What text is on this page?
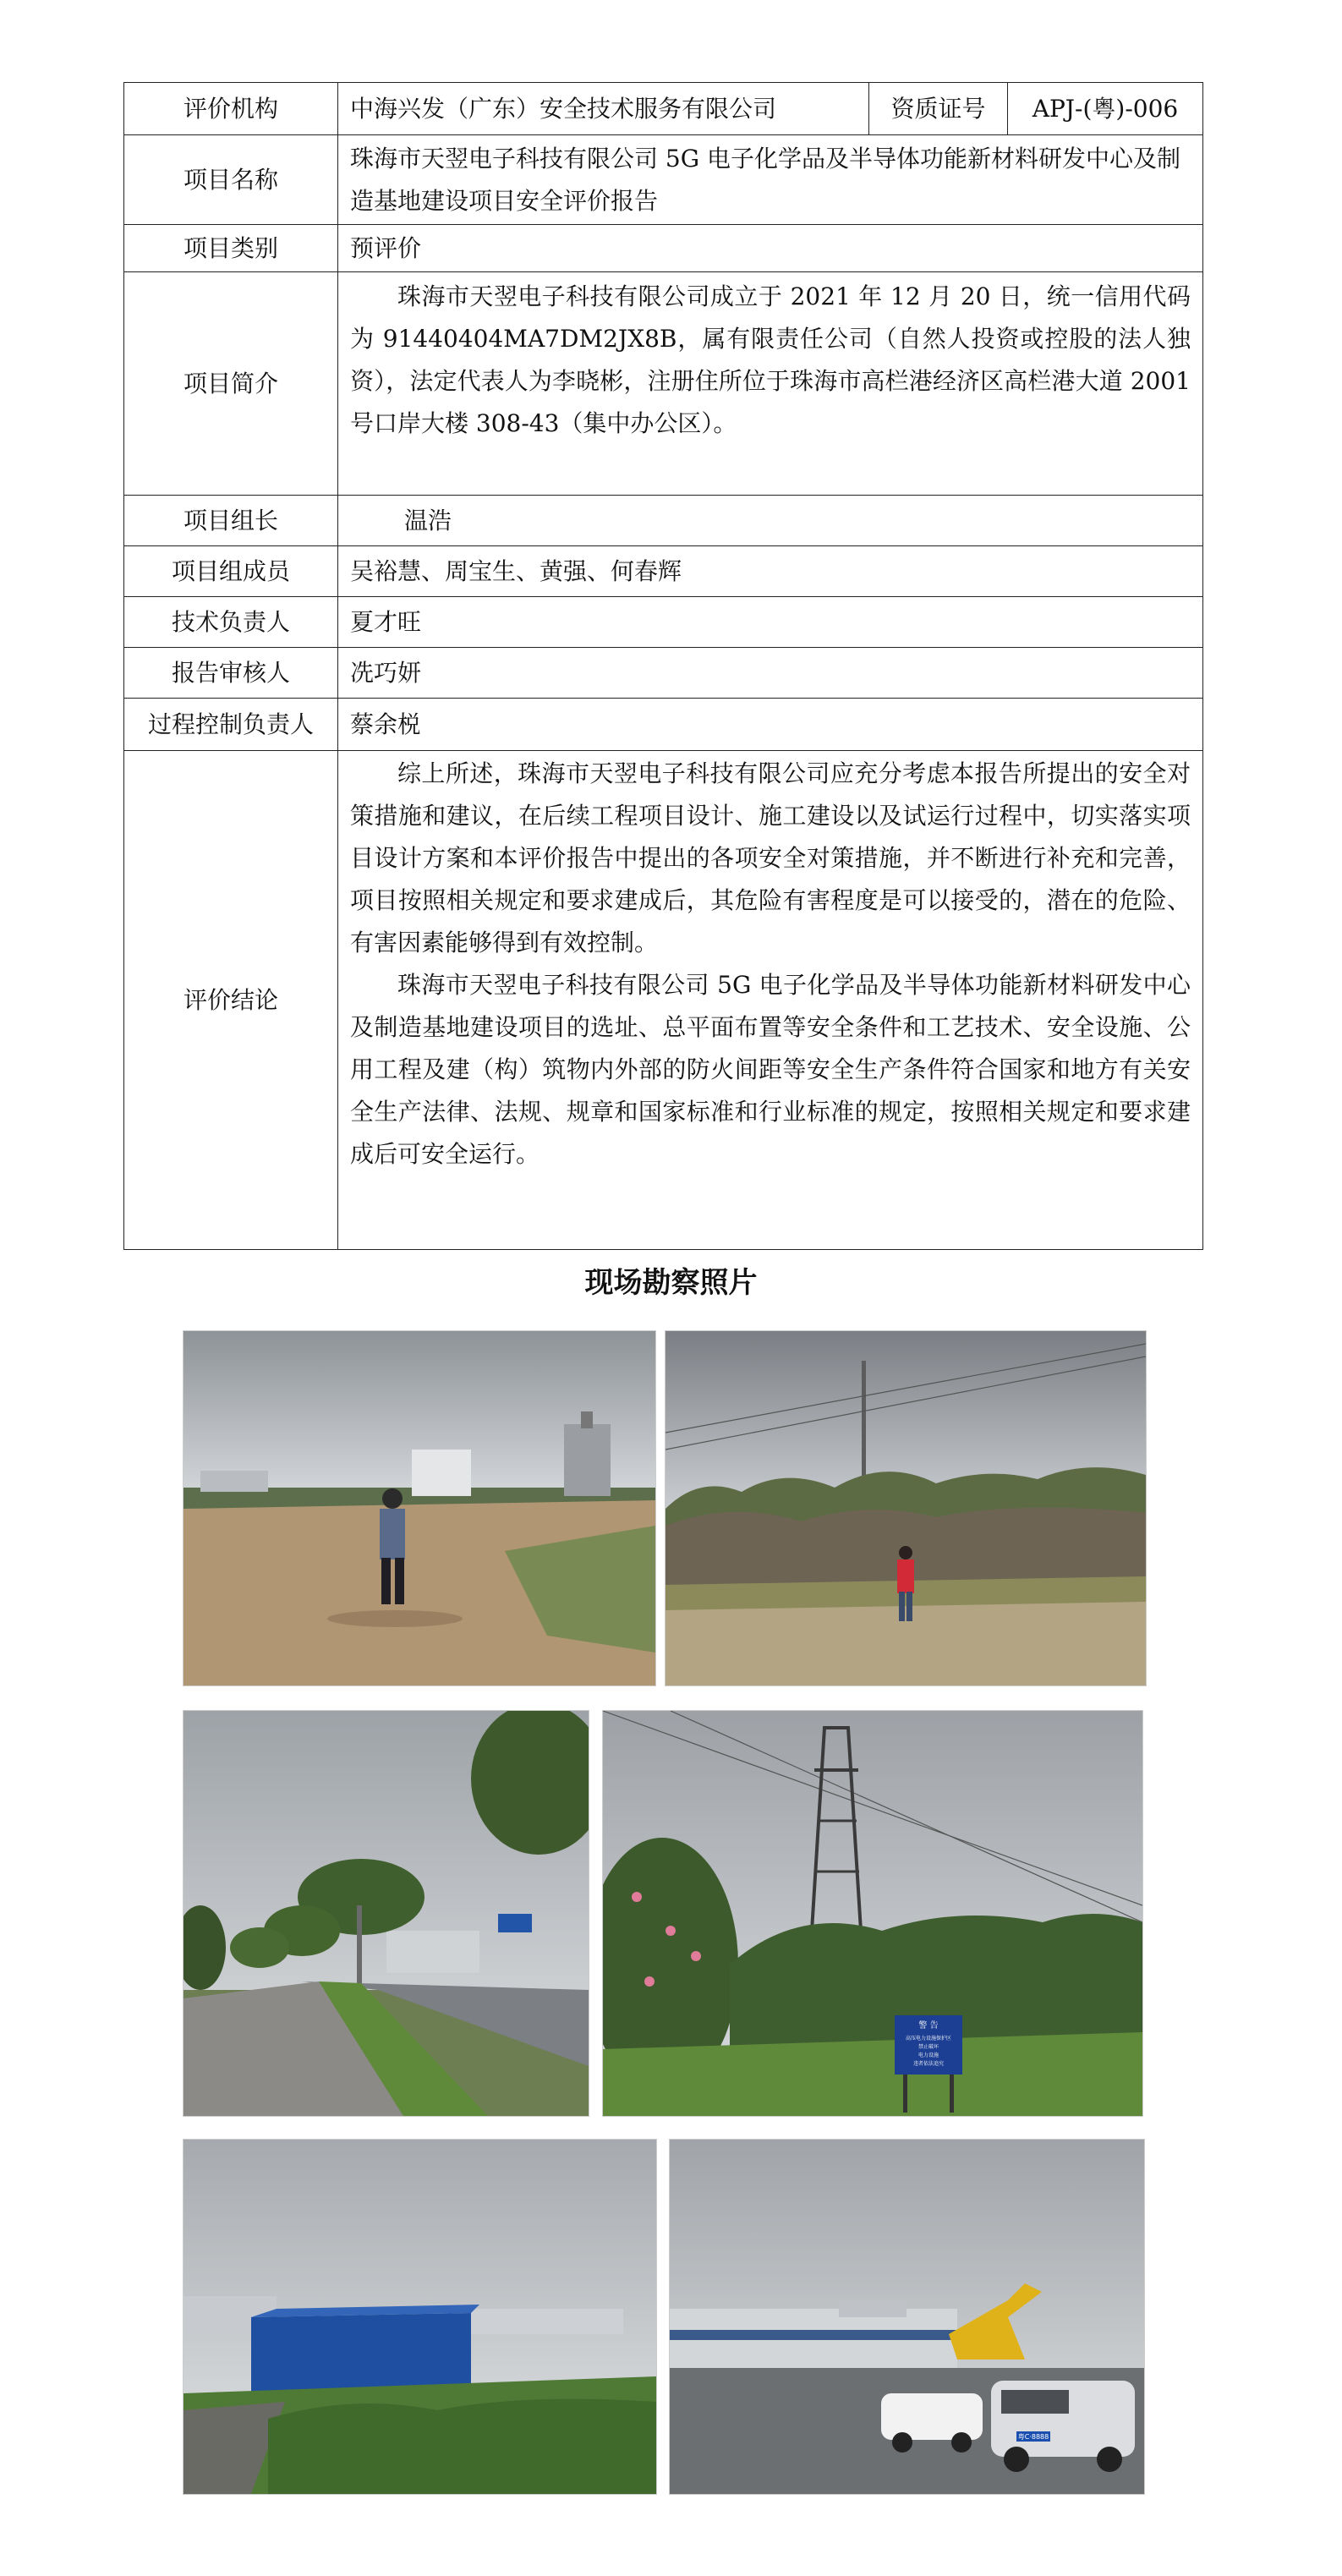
评价机构	中海兴发（广东）安全技术服务有限公司	资质证号	APJ-(粤)-006
项目名称	珠海市天翌电子科技有限公司 5G 电子化学品及半导体功能新材料研发中心及制造基地建设项目安全评价报告		
项目类别	预评价		
项目简介	珠海市天翌电子科技有限公司成立于 2021 年 12 月 20 日，统一信用代码为 91440404MA7DM2JX8B，属有限责任公司（自然人投资或控股的法人独资），法定代表人为李晓彬，注册住所位于珠海市高栏港经济区高栏港大道 2001 号口岸大楼 308-43（集中办公区）。		

项目组长	温浩		
项目组成员	吴裕慧、周宝生、黄强、何春辉		
技术负责人	夏才旺		
报告审核人	冼巧妍		
过程控制负责人	蔡余棁		
评价结论	综上所述，珠海市天翌电子科技有限公司应充分考虑本报告所提出的安全对策措施和建议，在后续工程项目设计、施工建设以及试运行过程中，切实落实项目设计方案和本评价报告中提出的各项安全对策措施，并不断进行补充和完善，项目按照相关规定和要求建成后，其危险有害程度是可以接受的，潜在的危险、有害因素能够得到有效控制。

珠海市天翌电子科技有限公司 5G 电子化学品及半导体功能新材料研发中心及制造基地建设项目的选址、总平面布置等安全条件和工艺技术、安全设施、公用工程及建（构）筑物内外部的防火间距等安全生产条件符合国家和地方有关安全生产法律、法规、规章和国家标准和行业标准的规定，按照相关规定和要求建成后可安全运行。		

现场勘察照片
警 告
高压电力设施保护区
禁止破坏
电力设施
违者依法追究
粤C·8888
